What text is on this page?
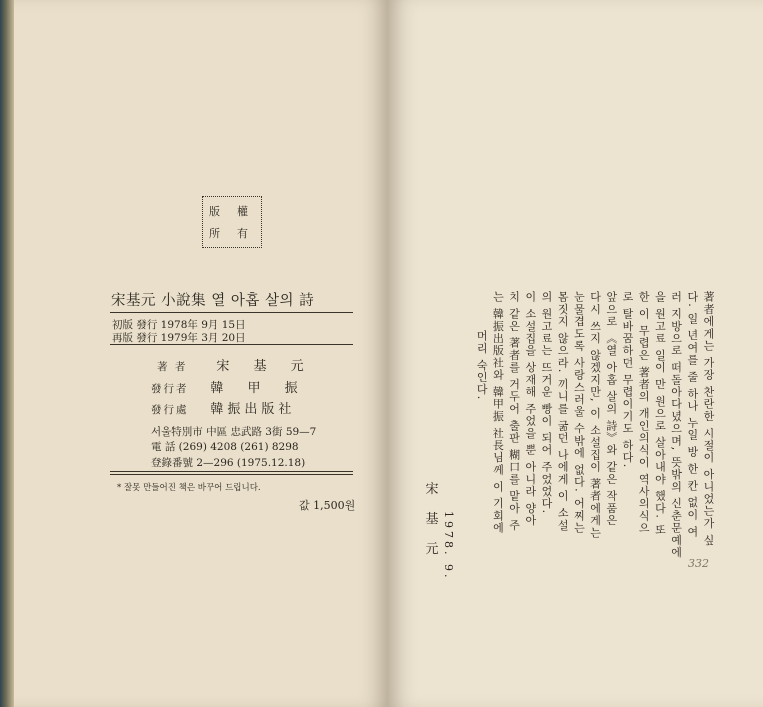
版 權
所 有
宋基元 小說集 열 아홉 살의 詩
初版 發行 1978年 9月 15日
再版 發行 1979年 3月 20日
著 者 宋 基 元
發行者 韓 甲 振
發行處 韓振出版社
서울特別市 中區 忠武路 3街 59—7
電 話 (269) 4208 (261) 8298
登錄番號 2—296 (1975.12.18)
* 잘못 만들어진 책은 바꾸어 드립니다.
값 1,500원	著者에게는 가장 찬란한 시절이 아니었는가 싶
다. 일 년여를 줄 하나 누일 방 한 칸 없이 여
러 지방으로 떠돌아다녔으며, 뜻밖의 신춘문예에
을 원고료 일이 만 원으로 살아내야 했다. 또
한 이 무렵은 著者의 개인의식이 역사의식으
로 탈바꿈하던 무렵이기도 하다.
앞으로 《열 아홉 살의 詩》와 같은 작품은
다시 쓰지 않겠지만, 이 소설집이 著者에게는
눈물겹도록 사랑스러울 수밖에 없다. 어찌는
몸짓지 않으라. 끼니를 굶던 나에게 이 소설
의 원고료는 뜨거운 빵이 되어 주었었다.
이 소설집을 상재해 주었을 뿐 아니라 양아
치 같은 著者를 거두어 출판 糊口를 맡아 주
는 韓振出版社와 韓甲振 社長님께 이 기회에
머리 숙인다.
1978. 9.
宋
基
元
332
